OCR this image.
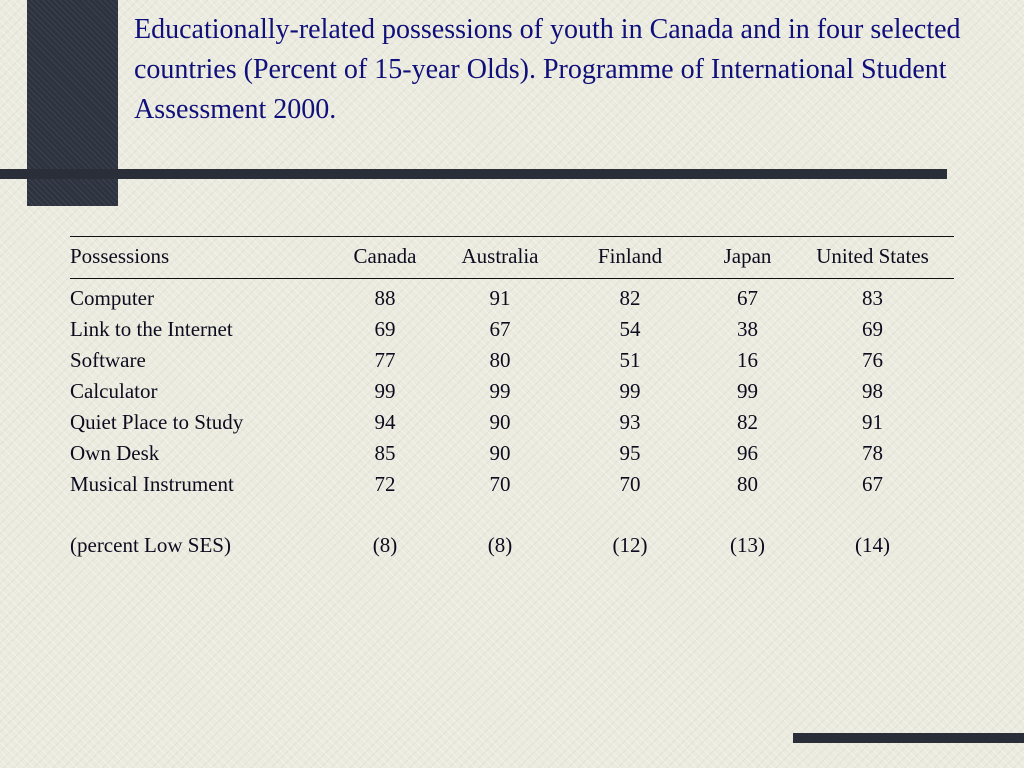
Educationally-related possessions of youth in Canada and in four selected countries (Percent of 15-year Olds). Programme of International Student Assessment 2000.
Possessions	Canada	Australia	Finland	Japan	United States
Computer	88	91	82	67	83
Link to the Internet	69	67	54	38	69
Software	77	80	51	16	76
Calculator	99	99	99	99	98
Quiet Place to Study	94	90	93	82	91
Own Desk	85	90	95	96	78
Musical Instrument	72	70	70	80	67
(percent Low SES)	(8)	(8)	(12)	(13)	(14)
